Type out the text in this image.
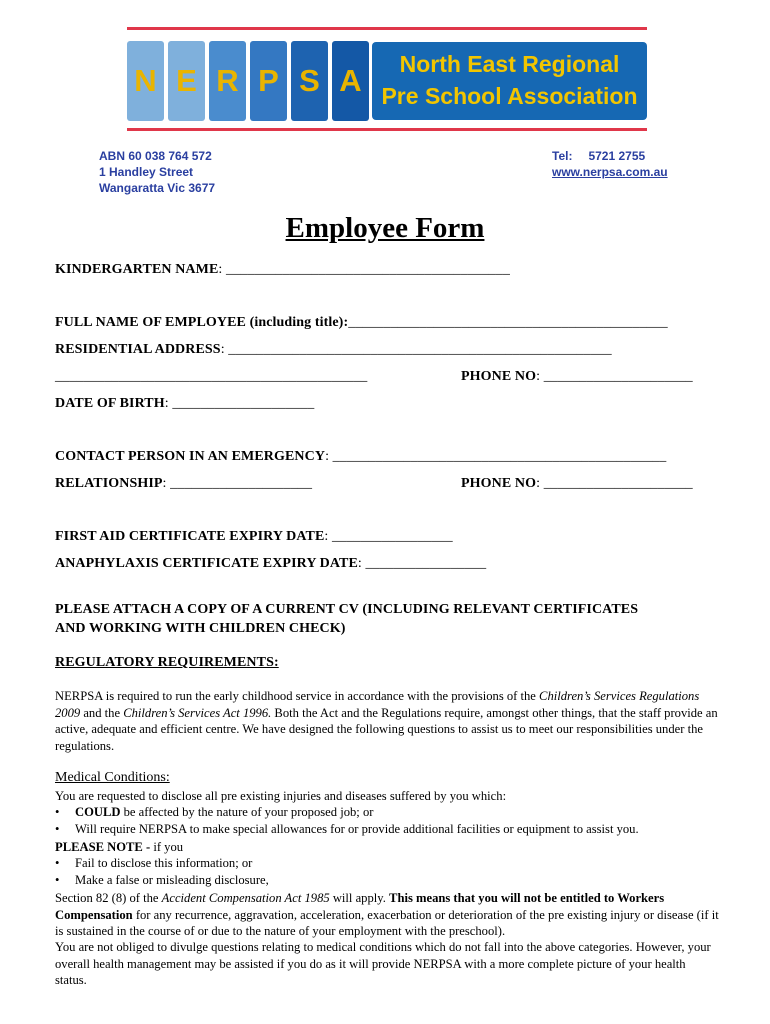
N E R P S A	North East Regional
Pre School Association
ABN 60 038 764 572
1 Handley Street
Wangaratta Vic 3677
Tel: 5721 2755
www.nerpsa.com.au
Employee Form
KINDERGARTEN NAME: ________________________________________
FULL NAME OF EMPLOYEE (including title):_____________________________________________
RESIDENTIAL ADDRESS: ______________________________________________________
____________________________________________	PHONE NO: _____________________
DATE OF BIRTH: ____________________
CONTACT PERSON IN AN EMERGENCY: _______________________________________________
RELATIONSHIP: ____________________	PHONE NO: _____________________
FIRST AID CERTIFICATE EXPIRY DATE: _________________
ANAPHYLAXIS CERTIFICATE EXPIRY DATE: _________________
PLEASE ATTACH A COPY OF A CURRENT CV (INCLUDING RELEVANT CERTIFICATES
AND WORKING WITH CHILDREN CHECK)
REGULATORY REQUIREMENTS:
NERPSA is required to run the early childhood service in accordance with the provisions of the Children’s Services Regulations 2009 and the Children’s Services Act 1996. Both the Act and the Regulations require, amongst other things, that the staff provide an active, adequate and efficient centre. We have designed the following questions to assist us to meet our responsibilities under the regulations.
Medical Conditions:
You are requested to disclose all pre existing injuries and diseases suffered by you which:
• COULD be affected by the nature of your proposed job; or
• Will require NERPSA to make special allowances for or provide additional facilities or equipment to assist you.
PLEASE NOTE - if you
• Fail to disclose this information; or
• Make a false or misleading disclosure,
Section 82 (8) of the Accident Compensation Act 1985 will apply. This means that you will not be entitled to Workers Compensation for any recurrence, aggravation, acceleration, exacerbation or deterioration of the pre existing injury or disease (if it is sustained in the course of or due to the nature of your employment with the preschool).
You are not obliged to divulge questions relating to medical conditions which do not fall into the above categories. However, your overall health management may be assisted if you do as it will provide NERPSA with a more complete picture of your health status.
